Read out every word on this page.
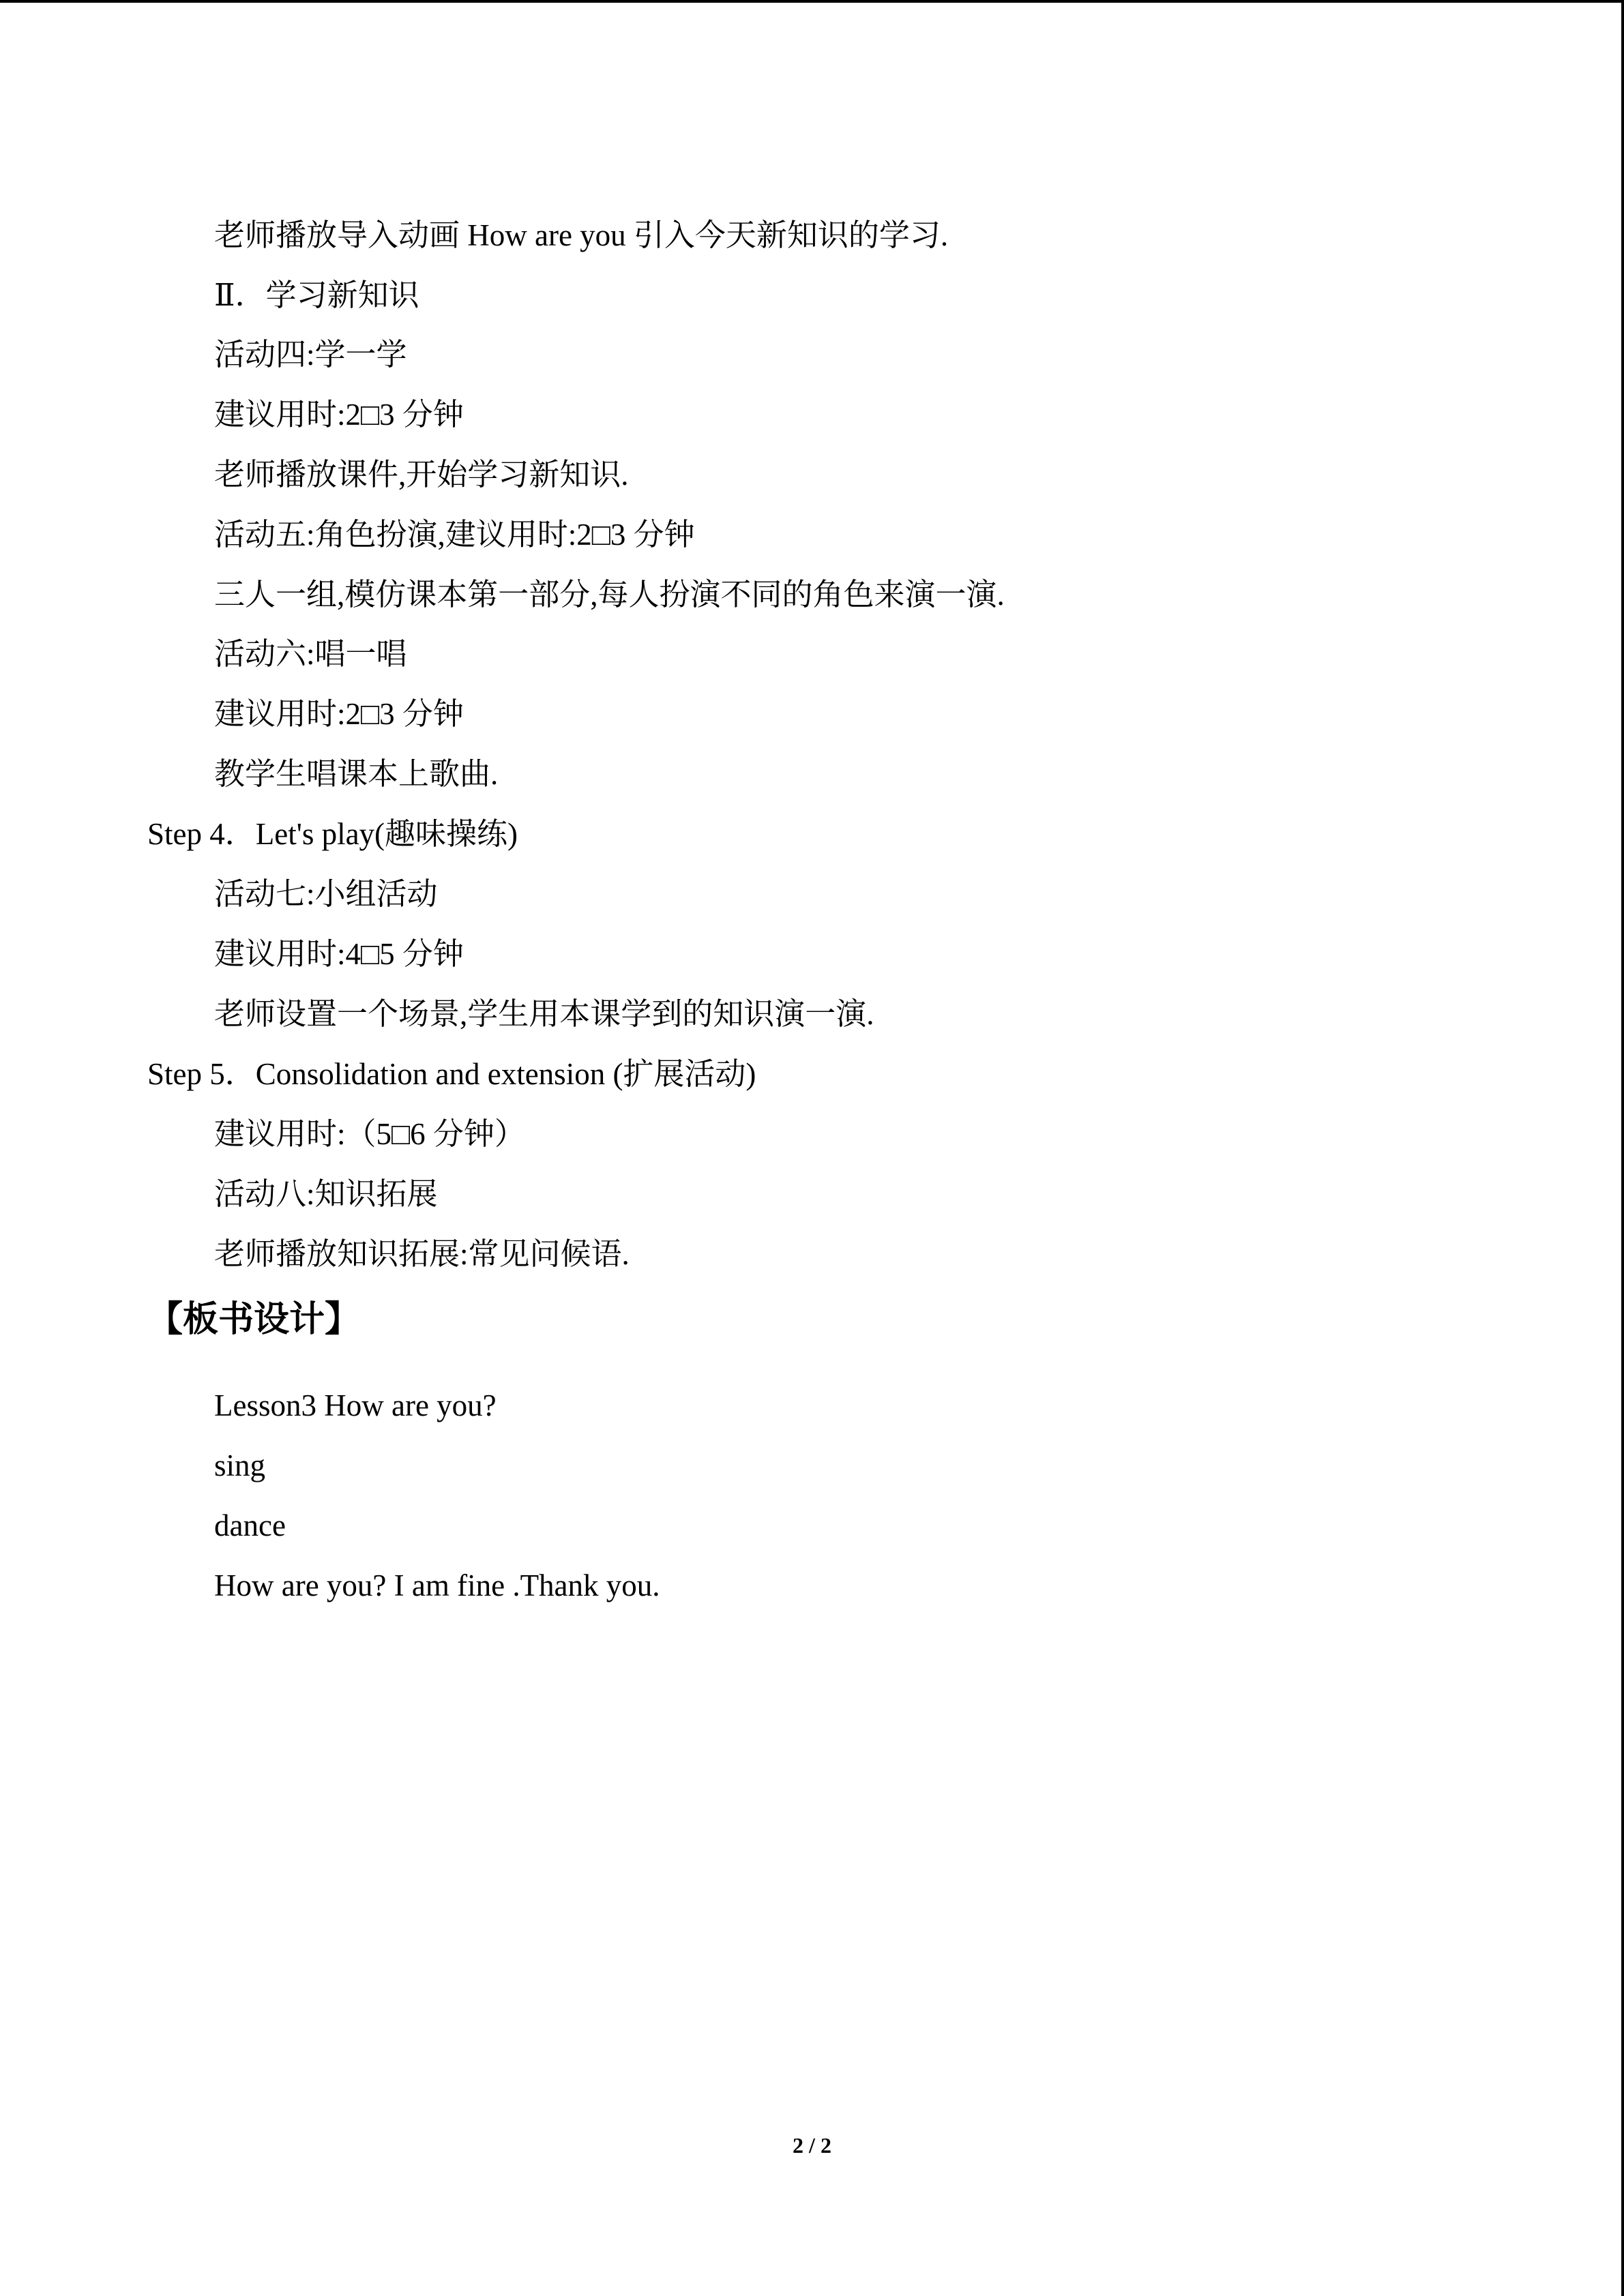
老师播放导入动画 How are you 引入今天新知识的学习.
Ⅱ．学习新知识
活动四:学一学
建议用时:2□3 分钟
老师播放课件,开始学习新知识.
活动五:角色扮演,建议用时:2□3 分钟
三人一组,模仿课本第一部分,每人扮演不同的角色来演一演.
活动六:唱一唱
建议用时:2□3 分钟
教学生唱课本上歌曲.
Step 4．Let's play(趣味操练)
活动七:小组活动
建议用时:4□5 分钟
老师设置一个场景,学生用本课学到的知识演一演.
Step 5．Consolidation and extension (扩展活动)
建议用时:（5□6 分钟）
活动八:知识拓展
老师播放知识拓展:常见问候语.
【板书设计】
Lesson3 How are you?
sing
dance
How are you? I am fine .Thank you.
2 / 2
